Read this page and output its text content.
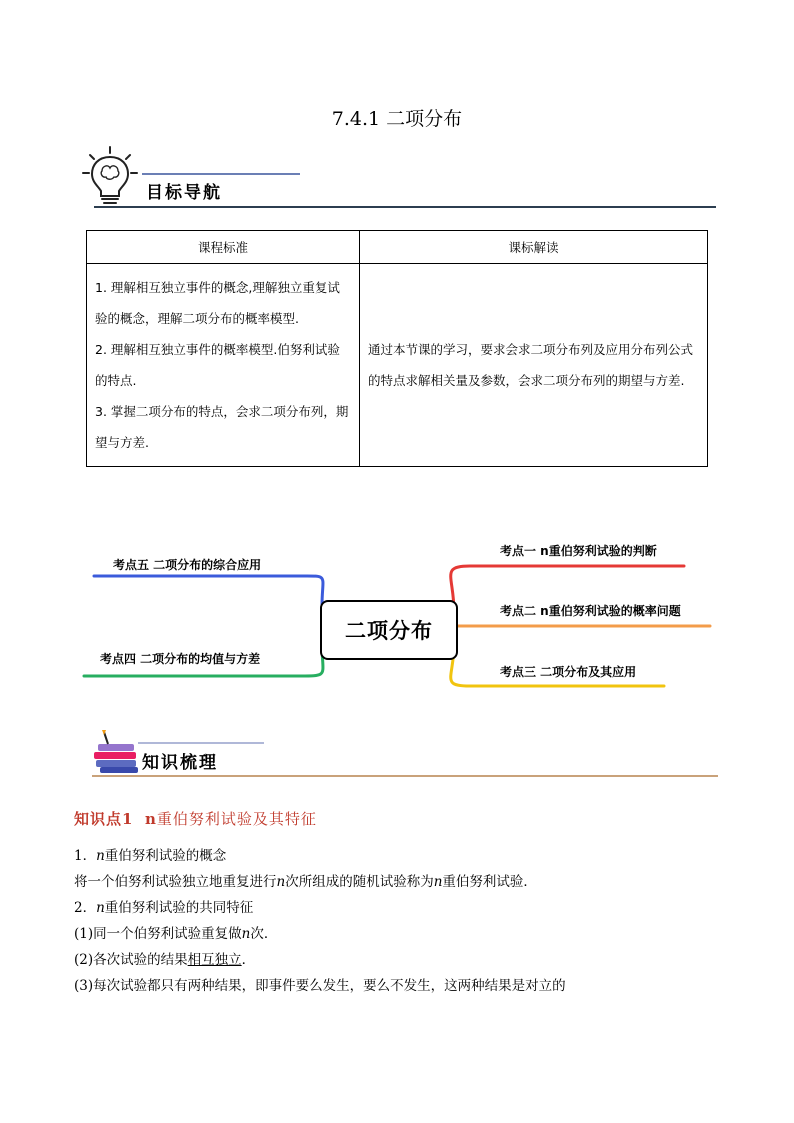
7.4.1 二项分布
目标导航
课程标准	课标解读

1. 理解相互独立事件的概念,理解独立重复试验的概念，理解二项分布的概率模型.
2. 理解相互独立事件的概率模型.伯努利试验的特点.
3. 掌握二项分布的特点，会求二项分布列，期望与方差.	通过本节课的学习，要求会求二项分布列及应用分布列公式的特点求解相关量及参数，会求二项分布列的期望与方差.
考点一 n重伯努利试验的判断
考点二 n重伯努利试验的概率问题
考点三 二项分布及其应用
考点四 二项分布的均值与方差
考点五 二项分布的综合应用
二项分布
知识梳理
知识点1 n重伯努利试验及其特征
1．n重伯努利试验的概念
将一个伯努利试验独立地重复进行n次所组成的随机试验称为n重伯努利试验．
2．n重伯努利试验的共同特征
(1)同一个伯努利试验重复做n次．
(2)各次试验的结果相互独立．
(3)每次试验都只有两种结果，即事件要么发生，要么不发生，这两种结果是对立的
